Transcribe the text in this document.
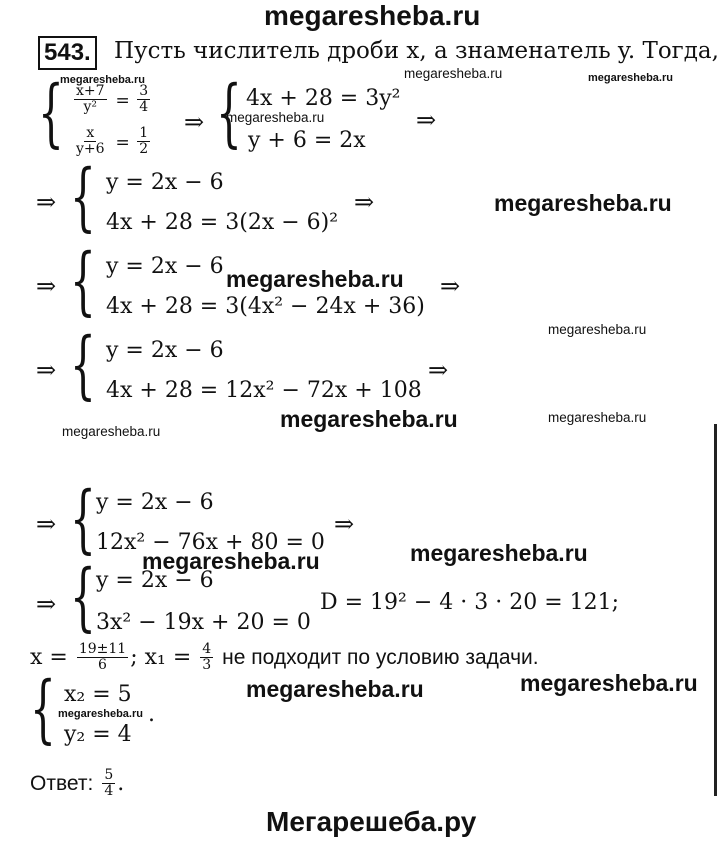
megaresheba.ru
Мегарешеба.ру
543. Пусть числитель дроби x, а знаменатель y. Тогда,
megaresheba.ru	megaresheba.ru	megaresheba.ru
{ $\frac{x+7}{\text{y²}} = \frac{3}{4}$
$\frac{x}{y+6} = \frac{1}{2}$
⇒ { 4x + 28 = 3y²
megaresheba.ru
y + 6 = 2x
⇒
⇒ { y = 2x − 6
4x + 28 = 3(2x − 6)²
⇒	megaresheba.ru
⇒ { y = 2x − 6 megaresheba.ru
4x + 28 = 3(4x² − 24x + 36)
⇒
megaresheba.ru
⇒ { y = 2x − 6
4x + 28 = 12x² − 72x + 108
⇒
megaresheba.ru
megaresheba.ru
megaresheba.ru
⇒ { y = 2x − 6
12x² − 76x + 80 = 0
⇒
megaresheba.ru	megaresheba.ru
⇒ { y = 2x − 6
3x² − 19x + 20 = 0
D = 19² − 4 · 3 · 20 = 121;
$x = \frac{19\pm 11}{6}$ ; $x_1 = \frac{4}{3}$ не подходит по условию задачи.
megaresheba.ru	megaresheba.ru
{ x₂ = 5
megaresheba.ru
y₂ = 4
.
Ответ: $\frac{5}{4}$ .
